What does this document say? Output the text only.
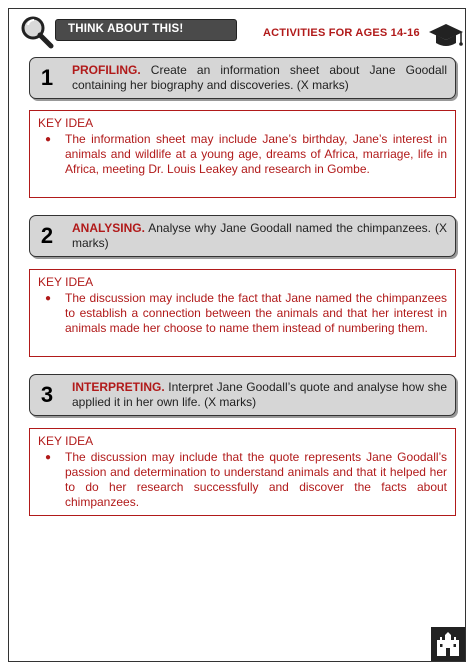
THINK ABOUT THIS!	ACTIVITIES FOR AGES 14-16
1	PROFILING. Create an information sheet about Jane Goodall containing her biography and discoveries. (X marks)
KEY IDEA
● The information sheet may include Jane’s birthday, Jane’s interest in animals and wildlife at a young age, dreams of Africa, marriage, life in Africa, meeting Dr. Louis Leakey and research in Gombe.
2	ANALYSING. Analyse why Jane Goodall named the chimpanzees. (X marks)
KEY IDEA
● The discussion may include the fact that Jane named the chimpanzees to establish a connection between the animals and that her interest in animals made her choose to name them instead of numbering them.
3	INTERPRETING. Interpret Jane Goodall’s quote and analyse how she applied it in her own life. (X marks)
KEY IDEA
● The discussion may include that the quote represents Jane Goodall’s passion and determination to understand animals and that it helped her to do her research successfully and discover the facts about chimpanzees.
